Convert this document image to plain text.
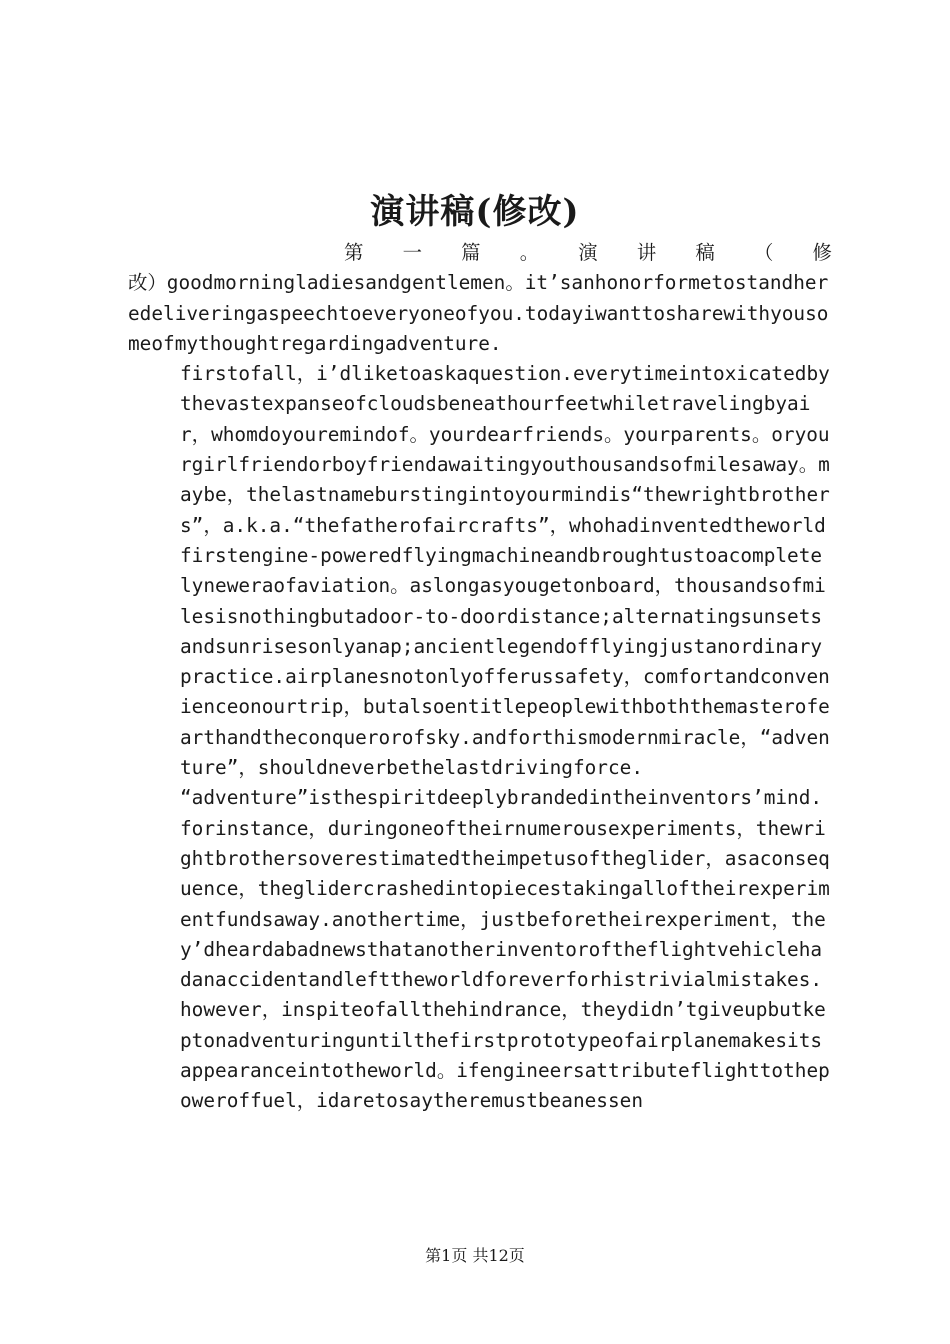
演讲稿(修改)
第 一 篇 。 演 讲 稿 （ 修

改）goodmorningladiesandgentlemen。it’sanhonorformetostandheredeliveringaspeechtoeveryoneofyou.todayiwanttosharewithyousomeofmythoughtregardingadventure.

firstofall，i’dliketoaskaquestion.everytimeintoxicatedbythevastexpanseofcloudsbeneathourfeetwhiletravelingbyair，whomdoyouremindof。yourdearfriends。yourparents。oryourgirlfriendorboyfriendawaitingyouthousandsofmilesaway。maybe，thelastnameburstingintoyourmindis“thewrightbrothers”，a.k.a.“thefatherofaircrafts”，whohadinventedtheworldfirstengine-poweredflyingmachineandbroughtustoacompletelyneweraofaviation。aslongasyougetonboard，thousandsofmilesisnothingbutadoor-to-doordistance;alternatingsunsetsandsunrisesonlyanap;ancientlegendofflyingjustanordinarypractice.airplanesnotonlyofferussafety，comfortandconvenienceonourtrip，butalsoentitlepeoplewithboththemasterofearthandtheconquerorofsky.andforthismodernmiracle，“adventure”，shouldneverbethelastdrivingforce.

“adventure”isthespiritdeeplybrandedintheinventors’mind.forinstance，duringoneoftheirnumerousexperiments，thewrightbrothersoverestimatedtheimpetusoftheglider，asaconsequence，theglidercrashedintopiecestakingalloftheirexperimentfundsaway.anothertime，justbeforetheirexperiment，they’dheardabadnewsthatanotherinventoroftheflightvehiclehadanaccidentandlefttheworldforeverforhistrivialmistakes.however，inspiteofallthehindrance，theydidn’tgiveupbutkeptonadventuringuntilthefirstprototypeofairplanemakesitsappearanceintotheworld。ifengineersattributeflighttothepoweroffuel，idaretosaytheremustbeanessen

第1页 共12页
